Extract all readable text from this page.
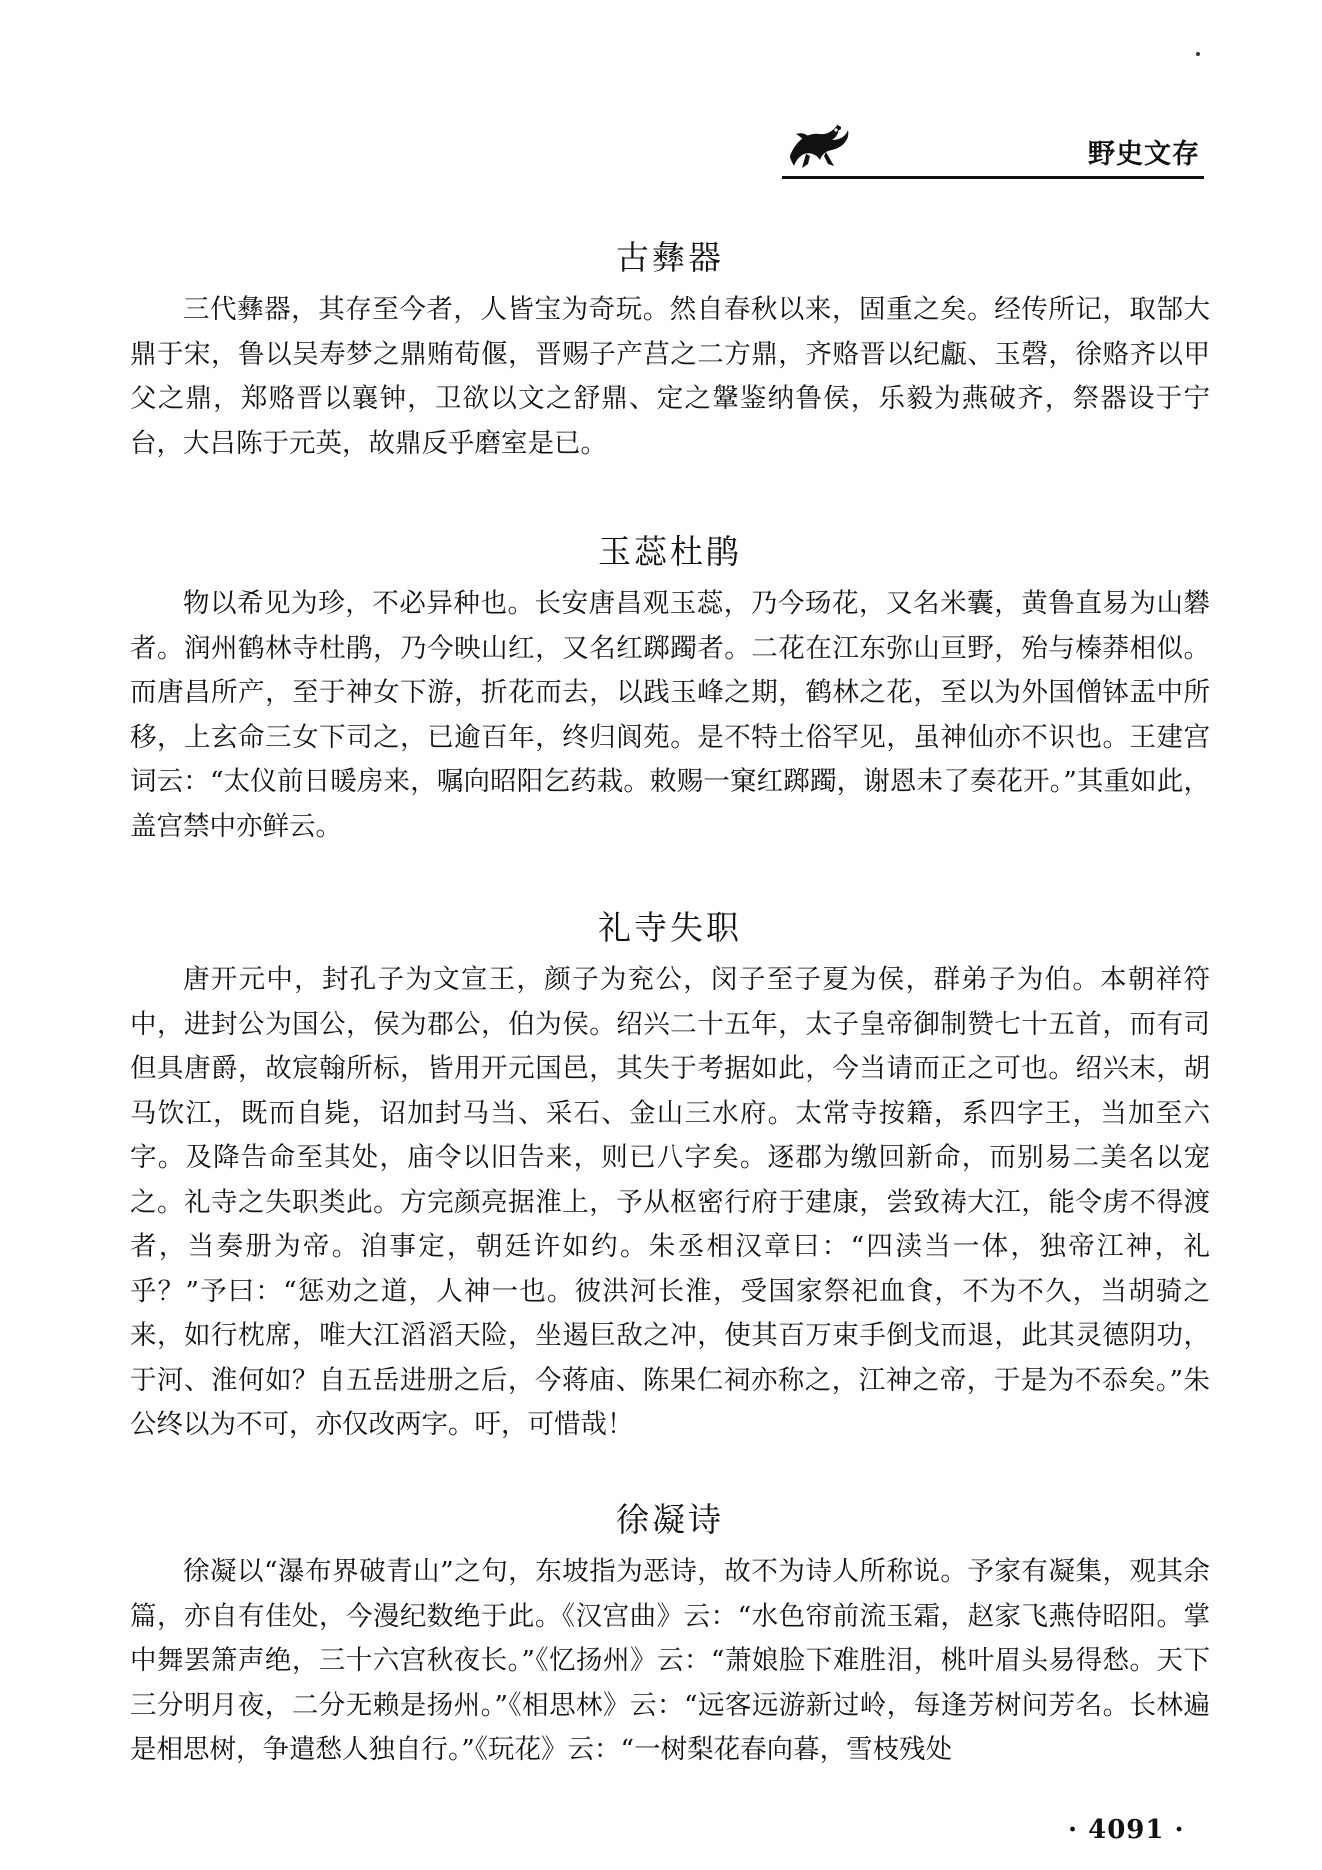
野史文存
古彝器

三代彝器，其存至今者，人皆宝为奇玩。然自春秋以来，固重之矣。经传所记，取郜大鼎于宋，鲁以吴寿梦之鼎贿荀偃，晋赐子产莒之二方鼎，齐赂晋以纪甗、玉磬，徐赂齐以甲父之鼎，郑赂晋以襄钟，卫欲以文之舒鼎、定之鞶鉴纳鲁侯，乐毅为燕破齐，祭器设于宁台，大吕陈于元英，故鼎反乎磨室是已。

玉蕊杜鹃

物以希见为珍，不必异种也。长安唐昌观玉蕊，乃今玚花，又名米囊，黄鲁直易为山礬者。润州鹤林寺杜鹃，乃今映山红，又名红踯躅者。二花在江东弥山亘野，殆与榛莽相似。而唐昌所产，至于神女下游，折花而去，以践玉峰之期，鹤林之花，至以为外国僧钵盂中所移，上玄命三女下司之，已逾百年，终归阆苑。是不特土俗罕见，虽神仙亦不识也。王建宫词云：“太仪前日暖房来，嘱向昭阳乞药栽。敕赐一窠红踯躅，谢恩未了奏花开。”其重如此，盖宫禁中亦鲜云。

礼寺失职

唐开元中，封孔子为文宣王，颜子为兖公，闵子至子夏为侯，群弟子为伯。本朝祥符中，进封公为国公，侯为郡公，伯为侯。绍兴二十五年，太子皇帝御制赞七十五首，而有司但具唐爵，故宸翰所标，皆用开元国邑，其失于考据如此，今当请而正之可也。绍兴末，胡马饮江，既而自毙，诏加封马当、采石、金山三水府。太常寺按籍，系四字王，当加至六字。及降告命至其处，庙令以旧告来，则已八字矣。逐郡为缴回新命，而别易二美名以宠之。礼寺之失职类此。方完颜亮据淮上，予从枢密行府于建康，尝致祷大江，能令虏不得渡者，当奏册为帝。洎事定，朝廷许如约。朱丞相汉章曰：“四渎当一体，独帝江神，礼乎？”予曰：“惩劝之道，人神一也。彼洪河长淮，受国家祭祀血食，不为不久，当胡骑之来，如行枕席，唯大江滔滔天险，坐遏巨敌之冲，使其百万束手倒戈而退，此其灵德阴功，于河、淮何如？自五岳进册之后，今蒋庙、陈果仁祠亦称之，江神之帝，于是为不忝矣。”朱公终以为不可，亦仅改两字。吁，可惜哉！

徐凝诗

徐凝以“瀑布界破青山”之句，东坡指为恶诗，故不为诗人所称说。予家有凝集，观其余篇，亦自有佳处，今漫纪数绝于此。《汉宫曲》云：“水色帘前流玉霜，赵家飞燕侍昭阳。掌中舞罢箫声绝，三十六宫秋夜长。”《忆扬州》云：“萧娘脸下难胜泪，桃叶眉头易得愁。天下三分明月夜，二分无赖是扬州。”《相思林》云：“远客远游新过岭，每逢芳树问芳名。长林遍是相思树，争遣愁人独自行。”《玩花》云：“一树梨花春向暮，雪枝残处

· 4091 ·
